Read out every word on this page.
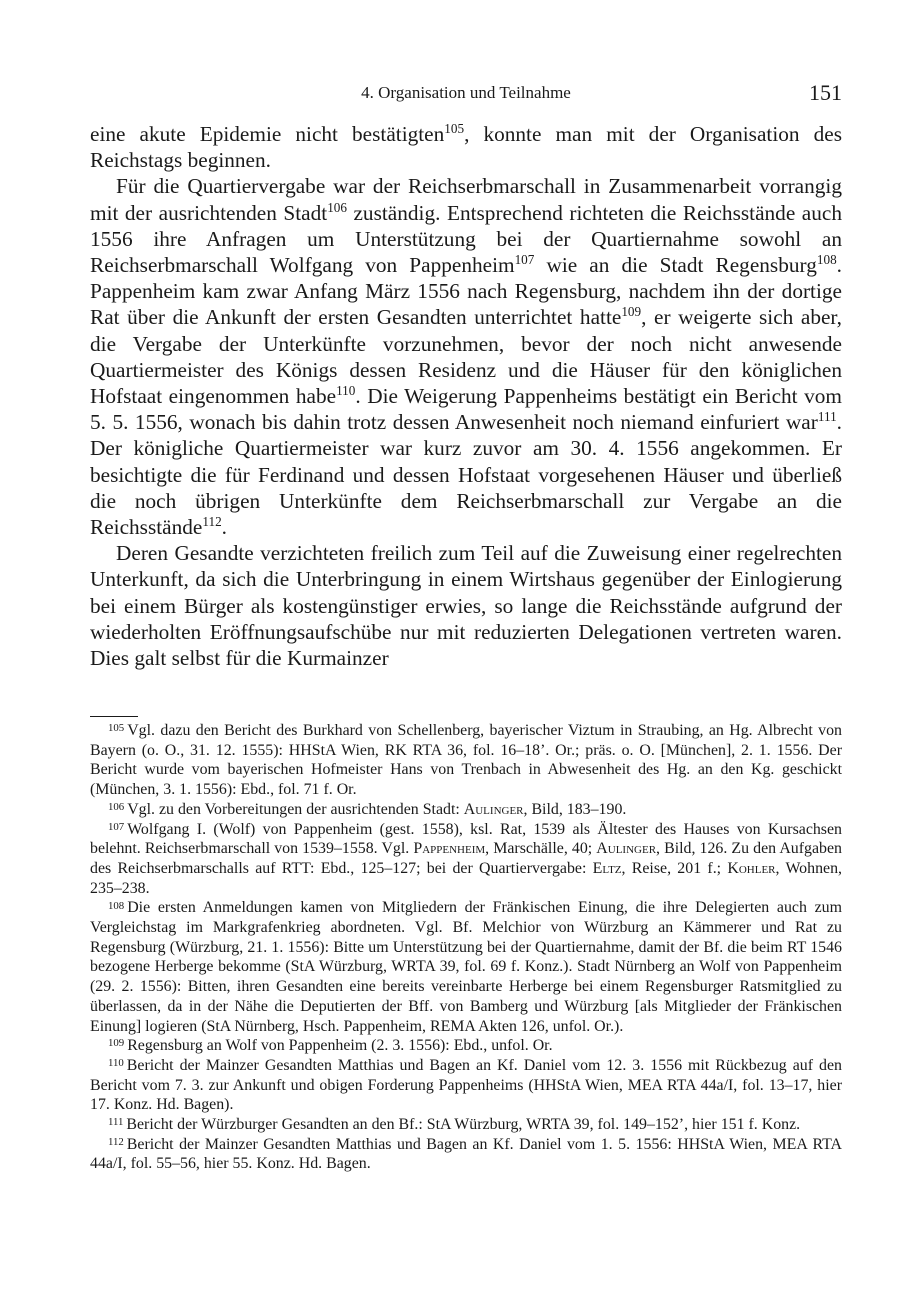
4. Organisation und Teilnahme	151

eine akute Epidemie nicht bestätigten$^{105}$, konnte man mit der Organisation des Reichstags beginnen.

Für die Quartiervergabe war der Reichserbmarschall in Zusammenarbeit vorrangig mit der ausrichtenden Stadt$^{106}$ zuständig. Entsprechend richteten die Reichsstände auch 1556 ihre Anfragen um Unterstützung bei der Quartiernahme sowohl an Reichserbmarschall Wolfgang von Pappenheim$^{107}$ wie an die Stadt Regensburg$^{108}$. Pappenheim kam zwar Anfang März 1556 nach Regensburg, nachdem ihn der dortige Rat über die Ankunft der ersten Gesandten unterrichtet hatte$^{109}$, er weigerte sich aber, die Vergabe der Unterkünfte vorzunehmen, bevor der noch nicht anwesende Quartiermeister des Königs dessen Residenz und die Häuser für den königlichen Hofstaat eingenommen habe$^{110}$. Die Weigerung Pappenheims bestätigt ein Bericht vom 5. 5. 1556, wonach bis dahin trotz dessen Anwesenheit noch niemand einfuriert war$^{111}$. Der königliche Quartiermeister war kurz zuvor am 30. 4. 1556 angekommen. Er besichtigte die für Ferdinand und dessen Hofstaat vorgesehenen Häuser und überließ die noch übrigen Unterkünfte dem Reichserbmarschall zur Vergabe an die Reichsstände$^{112}$.

Deren Gesandte verzichteten freilich zum Teil auf die Zuweisung einer regelrechten Unterkunft, da sich die Unterbringung in einem Wirtshaus gegenüber der Einlogierung bei einem Bürger als kostengünstiger erwies, so lange die Reichsstände aufgrund der wiederholten Eröffnungsaufschübe nur mit reduzierten Delegationen vertreten waren. Dies galt selbst für die Kurmainzer

$^{105}$ Vgl. dazu den Bericht des Burkhard von Schellenberg, bayerischer Viztum in Straubing, an Hg. Albrecht von Bayern (o. O., 31. 12. 1555): HHStA Wien, RK RTA 36, fol. 16–18’. Or.; präs. o. O. [München], 2. 1. 1556. Der Bericht wurde vom bayerischen Hofmeister Hans von Trenbach in Abwesenheit des Hg. an den Kg. geschickt (München, 3. 1. 1556): Ebd., fol. 71 f. Or.

$^{106}$ Vgl. zu den Vorbereitungen der ausrichtenden Stadt: Aulinger, Bild, 183–190.

$^{107}$ Wolfgang I. (Wolf) von Pappenheim (gest. 1558), ksl. Rat, 1539 als Ältester des Hauses von Kursachsen belehnt. Reichserbmarschall von 1539–1558. Vgl. Pappenheim, Marschälle, 40; Aulinger, Bild, 126. Zu den Aufgaben des Reichserbmarschalls auf RTT: Ebd., 125–127; bei der Quartiervergabe: Eltz, Reise, 201 f.; Kohler, Wohnen, 235–238.

$^{108}$ Die ersten Anmeldungen kamen von Mitgliedern der Fränkischen Einung, die ihre Delegierten auch zum Vergleichstag im Markgrafenkrieg abordneten. Vgl. Bf. Melchior von Würzburg an Kämmerer und Rat zu Regensburg (Würzburg, 21. 1. 1556): Bitte um Unterstützung bei der Quartiernahme, damit der Bf. die beim RT 1546 bezogene Herberge bekomme (StA Würzburg, WRTA 39, fol. 69 f. Konz.). Stadt Nürnberg an Wolf von Pappenheim (29. 2. 1556): Bitten, ihren Gesandten eine bereits vereinbarte Herberge bei einem Regensburger Ratsmitglied zu überlassen, da in der Nähe die Deputierten der Bff. von Bamberg und Würzburg [als Mitglieder der Fränkischen Einung] logieren (StA Nürnberg, Hsch. Pappenheim, REMA Akten 126, unfol. Or.).

$^{109}$ Regensburg an Wolf von Pappenheim (2. 3. 1556): Ebd., unfol. Or.

$^{110}$ Bericht der Mainzer Gesandten Matthias und Bagen an Kf. Daniel vom 12. 3. 1556 mit Rückbezug auf den Bericht vom 7. 3. zur Ankunft und obigen Forderung Pappenheims (HHStA Wien, MEA RTA 44a/I, fol. 13–17, hier 17. Konz. Hd. Bagen).

$^{111}$ Bericht der Würzburger Gesandten an den Bf.: StA Würzburg, WRTA 39, fol. 149–152’, hier 151 f. Konz.

$^{112}$ Bericht der Mainzer Gesandten Matthias und Bagen an Kf. Daniel vom 1. 5. 1556: HHStA Wien, MEA RTA 44a/I, fol. 55–56, hier 55. Konz. Hd. Bagen.
